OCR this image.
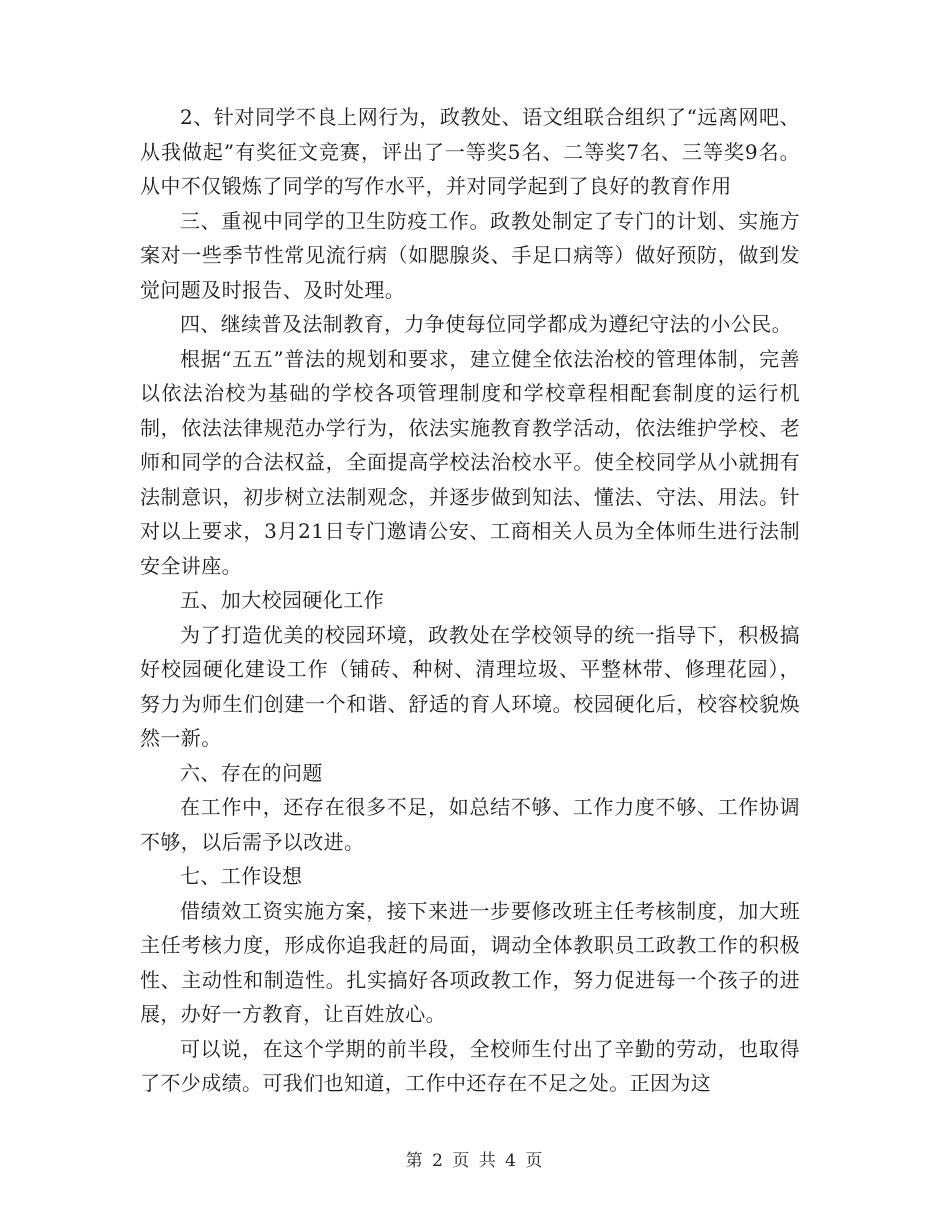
2、针对同学不良上网行为，政教处、语文组联合组织了“远离网吧、从我做起”有奖征文竞赛，评出了一等奖5名、二等奖7名、三等奖9名。从中不仅锻炼了同学的写作水平，并对同学起到了良好的教育作用

三、重视中同学的卫生防疫工作。政教处制定了专门的计划、实施方案对一些季节性常见流行病（如腮腺炎、手足口病等）做好预防，做到发觉问题及时报告、及时处理。

四、继续普及法制教育，力争使每位同学都成为遵纪守法的小公民。

根据“五五”普法的规划和要求，建立健全依法治校的管理体制，完善以依法治校为基础的学校各项管理制度和学校章程相配套制度的运行机制，依法法律规范办学行为，依法实施教育教学活动，依法维护学校、老师和同学的合法权益，全面提高学校法治校水平。使全校同学从小就拥有法制意识，初步树立法制观念，并逐步做到知法、懂法、守法、用法。针对以上要求，3月21日专门邀请公安、工商相关人员为全体师生进行法制安全讲座。

五、加大校园硬化工作

为了打造优美的校园环境，政教处在学校领导的统一指导下，积极搞好校园硬化建设工作（铺砖、种树、清理垃圾、平整林带、修理花园），努力为师生们创建一个和谐、舒适的育人环境。校园硬化后，校容校貌焕然一新。

六、存在的问题

在工作中，还存在很多不足，如总结不够、工作力度不够、工作协调不够，以后需予以改进。

七、工作设想

借绩效工资实施方案，接下来进一步要修改班主任考核制度，加大班主任考核力度，形成你追我赶的局面，调动全体教职员工政教工作的积极性、主动性和制造性。扎实搞好各项政教工作，努力促进每一个孩子的进展，办好一方教育，让百姓放心。

可以说，在这个学期的前半段，全校师生付出了辛勤的劳动，也取得了不少成绩。可我们也知道，工作中还存在不足之处。正因为这

第 2 页 共 4 页
